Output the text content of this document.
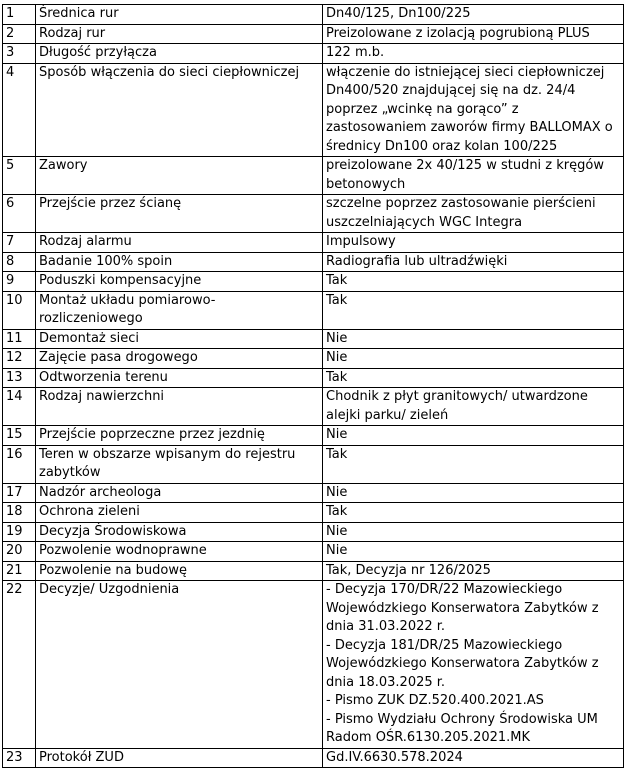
1	Średnica rur	Dn40/125, Dn100/225

2	Rodzaj rur	Preizolowane z izolacją pogrubioną PLUS

3	Długość przyłącza	122 m.b.

4	Sposób włączenia do sieci ciepłowniczej	włączenie do istniejącej sieci ciepłowniczej Dn400/520 znajdującej się na dz. 24/4 poprzez „wcinkę na gorąco” z zastosowaniem zaworów firmy BALLOMAX o średnicy Dn100 oraz kolan 100/225

5	Zawory	preizolowane 2x 40/125 w studni z kręgów betonowych

6	Przejście przez ścianę	szczelne poprzez zastosowanie pierścieni uszczelniających WGC Integra

7	Rodzaj alarmu	Impulsowy

8	Badanie 100% spoin	Radiografia lub ultradźwięki

9	Poduszki kompensacyjne	Tak

10	Montaż układu pomiarowo-rozliczeniowego	Tak

11	Demontaż sieci	Nie

12	Zajęcie pasa drogowego	Nie

13	Odtworzenia terenu	Tak

14	Rodzaj nawierzchni	Chodnik z płyt granitowych/ utwardzone alejki parku/ zieleń

15	Przejście poprzeczne przez jezdnię	Nie

16	Teren w obszarze wpisanym do rejestru zabytków	Tak

17	Nadzór archeologa	Nie

18	Ochrona zieleni	Tak

19	Decyzja Środowiskowa	Nie

20	Pozwolenie wodnoprawne	Nie

21	Pozwolenie na budowę	Tak, Decyzja nr 126/2025

22	Decyzje/ Uzgodnienia	- Decyzja 170/DR/22 Mazowieckiego Wojewódzkiego Konserwatora Zabytków z dnia 31.03.2022 r.
- Decyzja 181/DR/25 Mazowieckiego Wojewódzkiego Konserwatora Zabytków z dnia 18.03.2025 r.
- Pismo ZUK DZ.520.400.2021.AS
- Pismo Wydziału Ochrony Środowiska UM Radom OŚR.6130.205.2021.MK

23	Protokół ZUD	Gd.IV.6630.578.2024
